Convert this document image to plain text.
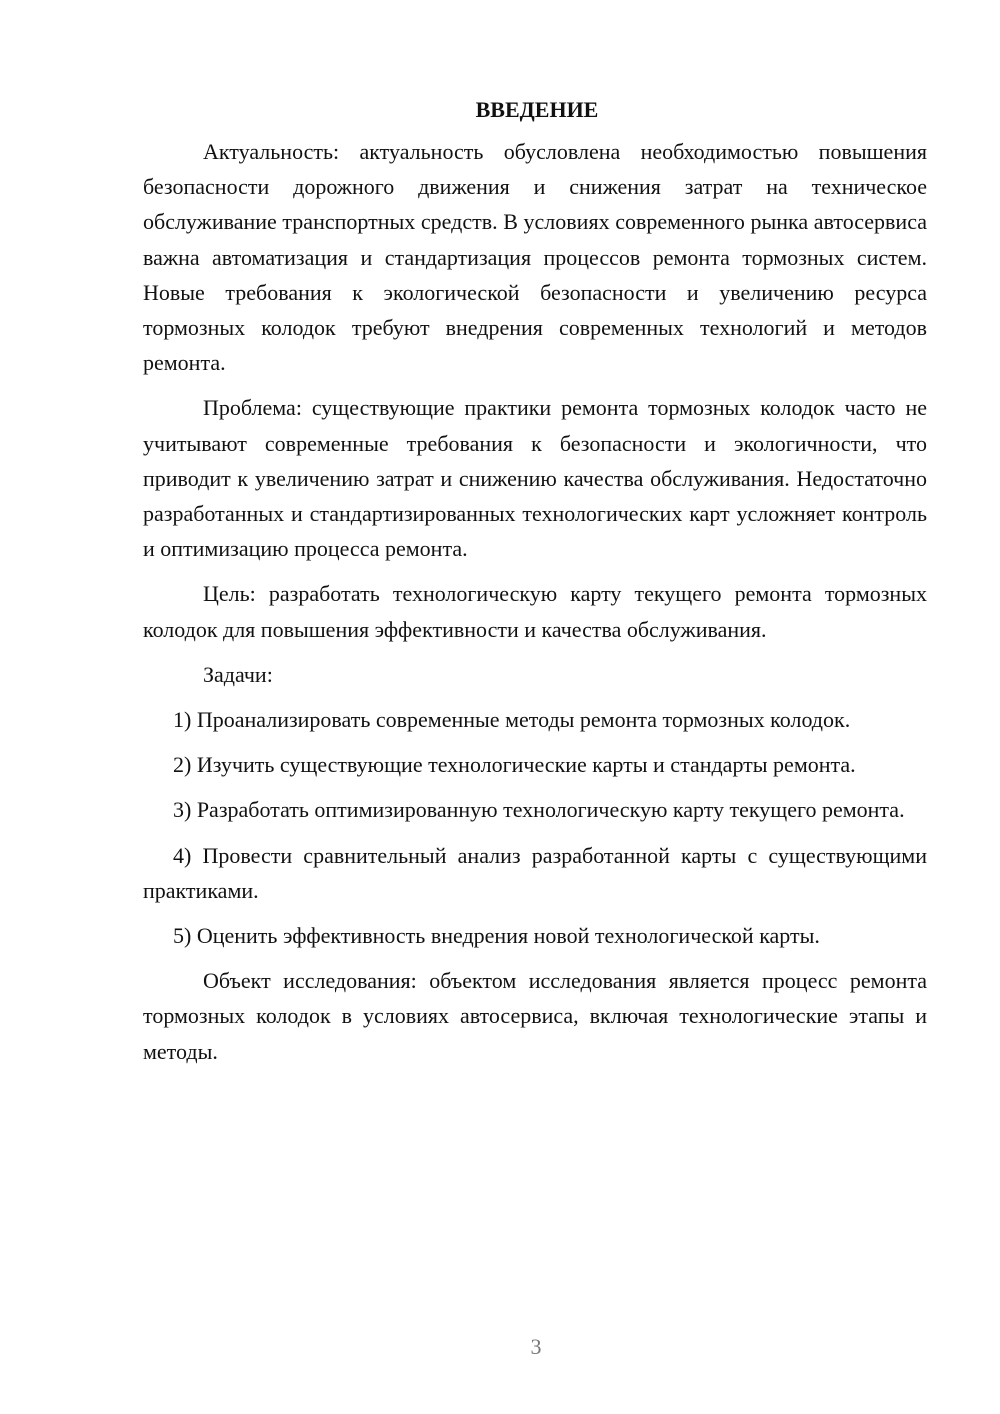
ВВЕДЕНИЕ

Актуальность: актуальность обусловлена необходимостью повышения безопасности дорожного движения и снижения затрат на техническое обслуживание транспортных средств. В условиях современного рынка автосервиса важна автоматизация и стандартизация процессов ремонта тормозных систем. Новые требования к экологической безопасности и увеличению ресурса тормозных колодок требуют внедрения современных технологий и методов ремонта.

Проблема: существующие практики ремонта тормозных колодок часто не учитывают современные требования к безопасности и экологичности, что приводит к увеличению затрат и снижению качества обслуживания. Недостаточно разработанных и стандартизированных технологических карт усложняет контроль и оптимизацию процесса ремонта.

Цель: разработать технологическую карту текущего ремонта тормозных колодок для повышения эффективности и качества обслуживания.

Задачи:

1) Проанализировать современные методы ремонта тормозных колодок.

2) Изучить существующие технологические карты и стандарты ремонта.

3) Разработать оптимизированную технологическую карту текущего ремонта.

4) Провести сравнительный анализ разработанной карты с существующими практиками.

5) Оценить эффективность внедрения новой технологической карты.

Объект исследования: объектом исследования является процесс ремонта тормозных колодок в условиях автосервиса, включая технологические этапы и методы.

3
